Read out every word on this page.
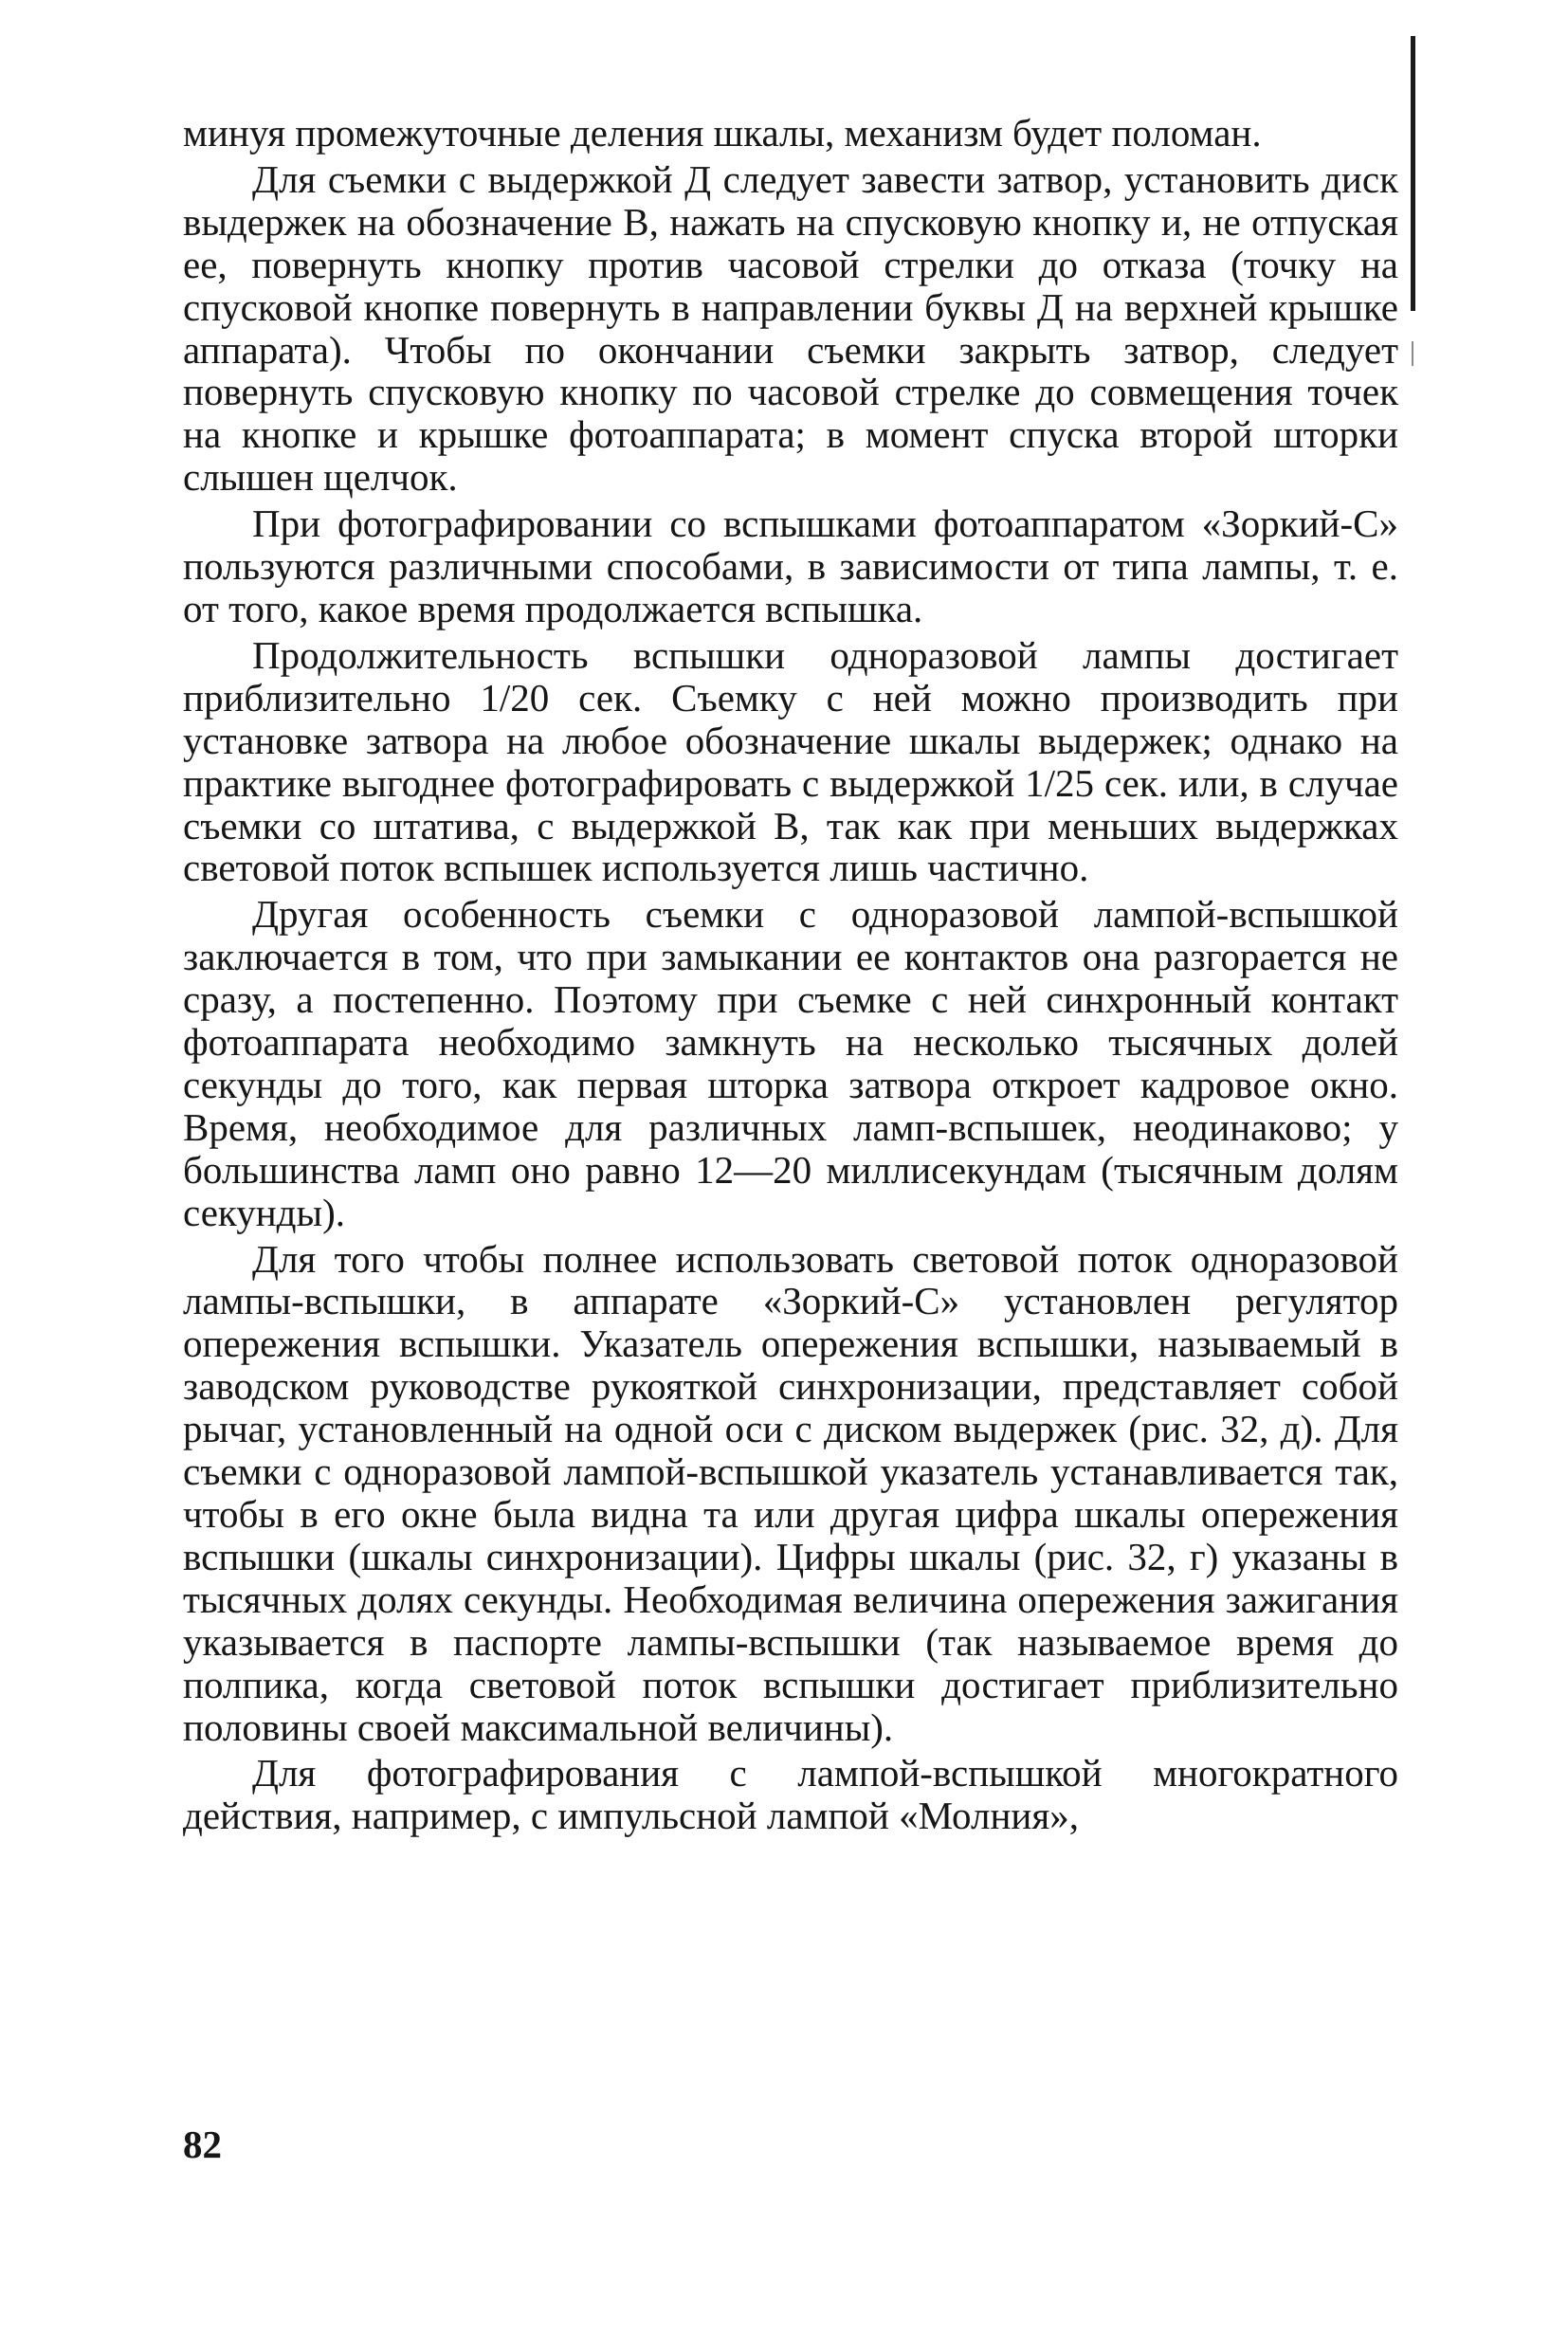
минуя промежуточные деления шкалы, механизм будет поломан.

Для съемки с выдержкой Д следует завести затвор, установить диск выдержек на обозначение В, нажать на спусковую кнопку и, не отпуская ее, повернуть кнопку против часовой стрелки до отказа (точку на спусковой кнопке повернуть в направлении буквы Д на верхней крышке аппарата). Чтобы по окончании съемки закрыть затвор, следует повернуть спусковую кнопку по часовой стрелке до совмещения точек на кнопке и крышке фотоаппарата; в момент спуска второй шторки слышен щелчок.

При фотографировании со вспышками фотоаппаратом «Зоркий-С» пользуются различными способами, в зависимости от типа лампы, т. е. от того, какое время продолжается вспышка.

Продолжительность вспышки одноразовой лампы достигает приблизительно 1/20 сек. Съемку с ней можно производить при установке затвора на любое обозначение шкалы выдержек; однако на практике выгоднее фотографировать с выдержкой 1/25 сек. или, в случае съемки со штатива, с выдержкой В, так как при меньших выдержках световой поток вспышек используется лишь частично.

Другая особенность съемки с одноразовой лампой-вспышкой заключается в том, что при замыкании ее контактов она разгорается не сразу, а постепенно. Поэтому при съемке с ней синхронный контакт фотоаппарата необходимо замкнуть на несколько тысячных долей секунды до того, как первая шторка затвора откроет кадровое окно. Время, необходимое для различных ламп-вспышек, неодинаково; у большинства ламп оно равно 12—20 миллисекундам (тысячным долям секунды).

Для того чтобы полнее использовать световой поток одноразовой лампы-вспышки, в аппарате «Зоркий-С» установлен регулятор опережения вспышки. Указатель опережения вспышки, называемый в заводском руководстве рукояткой синхронизации, представляет собой рычаг, установленный на одной оси с диском выдержек (рис. 32, д). Для съемки с одноразовой лампой-вспышкой указатель устанавливается так, чтобы в его окне была видна та или другая цифра шкалы опережения вспышки (шкалы синхронизации). Цифры шкалы (рис. 32, г) указаны в тысячных долях секунды. Необходимая величина опережения зажигания указывается в паспорте лампы-вспышки (так называемое время до полпика, когда световой поток вспышки достигает приблизительно половины своей максимальной величины).

Для фотографирования с лампой-вспышкой многократного действия, например, с импульсной лампой «Молния»,

82
